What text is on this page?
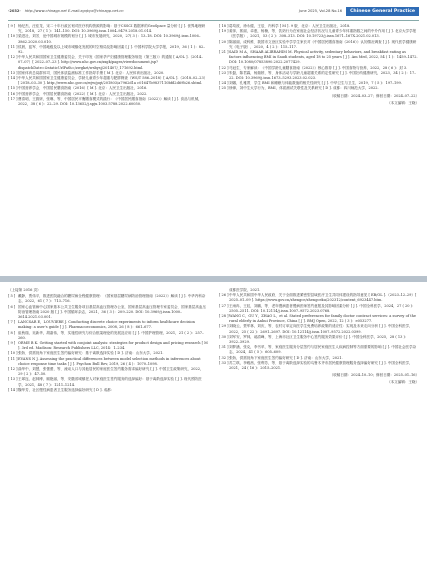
·2032· http://www.chinagp.net E-mail:zgqkyx@chinagp.net.cn	June 2025, Vol.28 No.16	Chinese General Practice
[ 9 ] 杨纪杰，汪佳龙，宋二十年行政区划对医疗机构资源的影响：基于CSSCI 数据库的GeoSpace 量分析 [ J ]. 世界地理研究，2018，27 ( 1 )：141–150. DOI: 10.3969/j.issn.1004–9479.2018.01.014.
[ 10 ] 梁进社，刘芳．论中国城市规模的划分 [ J ]. 城市发展研究，2020，27( 3 )：13–18. DOI: 10.3969/j.issn.1006–3862.2020.03.010.
[ 11 ] 侯晨，蓝军．中国地级及以上城市城镇化发展的时空格局及影响因素 [ J ]. 中国科学院大学学报，2019，36 ( 1 )：82–92.
[ 12 ] 中华人民共和国国家卫生健康委员会．关于印发《国家孕产妇健康管理服务规范（第三版）》的通知 [ A/OL ].（2014–07–07）[ 2022–07–23 ]. http://www.nhc.gov.cn/xxgk/pages/viewdocument.jsp?dispatchDate=&staticUrlPath=/zwgkzt/wsbysj/201407/_171692.html.
[ 13 ] 国家体育总局群体司．国民体质监测标准工作指导手册 [ M ]. 北京：人民体育出版社，2020.
[ 14 ] 中华人民共和国国家卫生健康委员会．学龄儿童青少年超重与肥胖筛查（WS/T 586–2018）[ A/OL ].（2018–02–23）[ 2018–03–30 ]. http://www.nhc.gov.cn/wjw/pqt/201803/a7962d1a c01647b9837110bfd2d69b26.shtml.
[ 15 ] 中国营养学会．中国居民膳食指南（2016）[ M ]. 北京：人民卫生出版社，2016.
[ 16 ] 中国营养学会．中国居民膳食指南（2022）[ M ]. 北京：人民卫生出版社，2022.
[ 17 ] 曹清明，王蔚妍，张琳，等．中国居民平衡膳食模式的践行：《中国居民膳食指南（2022）》解读 [ J ]. 食品与机械，2022，38 ( 6 )：22–29. DOI: 10.13652/j.spjx.1003.5788.2022.60050.
[ 18 ] 葛均波，徐永健，王辰．内科学 [ M ]. 9 版．北京：人民卫生出版社，2018.
[ 19 ] 姜萍，郭丽，卓惠，杨楠，等．饮奶行为在家庭社会经济状况与儿童青少年体重指数之间的中介作用 [ J ]. 北京大学学报（医学版），2021，53 ( 2 )：308–313. DOI: 10.19723/j.issn.1671–167X.2021.02.013.
[ 20 ] 陈丽丽，成科维．我国市文登区实验中学学生家长对《中国居民膳食指南（2016）》认知情况调查 [ J ]. 现代医学健康研究（电子版），2020，4 ( 2 )：115–117.
[ 21 ] SAID M A，SHAAB ALIBRAHIM M. Physical activity, sedentary behaviors, and breakfast eating as factors influencing BMI in Saudi students, aged 18 to 25 years [ J ]. Am Med, 2022, 54 ( 1 )：1459–1472. DOI: 10.1080/07853890.2022.2077429.
[ 22 ] 马冠生．专家解读：《中国学龄儿童膳食指南（2022）》核心推荐 [ J ]. 中国食物与营养，2022，28 ( 6 )：封 3.
[ 23 ] 朱磊，陈君霖，杨瑞婷，等．身体活动与学龄儿童超重关系的定性研究 [ J ]. 中国妇幼健康研究，2023，34 ( 2 )：17–22. DOI: 10.3969/j.issn.1673–5293.2023.02.023.
[ 24 ] 刘娜，孔雅菁．学生 BMI 和睡眠与体能数值的相关性研究 [ J ]. 中华卫生与卫生，2019，7 ( 5 )：197–199.
[ 25 ] 徐律，刘中生大学行为，BMI，体质测试关联性及关系研究 [ D ]. 成都：四川师范大学，2022.
（收稿日期：2024–03–27；修回日期：2024–07–22）
（本文编辑：王晓）
（上接第 2016 页）
[ 5 ] 戴静，贾伟平，推进医院融合的糖尿病全程健康管理：《国家基层糖尿病防治管理指南（2022）》解读 [ J ]. 中华内科杂志，2022，61 ( 7 )：713–716.
[ 6 ] 国家心血管病中心国家基本公共卫生服务项目基层高血压管理办公室，国家基层高血压管理专家委员会．国家基层高血压防治管理指南 2020 版 [ J ]. 中国循环杂志，2021，36 ( 3 )：209–220. DOI: 10.3969/j.issn.1000–3614.2021.03.001.
[ 7 ] LANCSAR E，LOUVIERE J. Conducting discrete choice experiments to inform healthcare decision making: a user's guide [ J ]. Pharmacoeconomics, 2008, 26 ( 8 )：661–677.
[ 8 ] 崔秋瑞，吴新华，胡嘉伟，等．实施性研究与综合框架理论的发展及应用 [ J ]. 中国护理管理，2021，21 ( 2 )：257–260.
[ 9 ] ORME B K. Getting started with conjoint analysis: strategies for product design and pricing research [ M ]. 3rd ed. Madison: Research Publishers LLC, 2014：1–234.
[ 10 ] 张娇．供需视角下家庭医生签约偏好研究：基于离散选择实验 [ D ]. 济南：山东大学，2021.
[ 11 ] EVANS N J. Assessing the practical differences between model selection methods in inferences about choice response time tasks [ J ]. Psychon Bull Rev, 2019, 26 ( 4 )：1070–1098.
[ 12 ] 曲华中，刘慧，张蕾蕾，等．流动人口与其他居民的家庭医生签约服务需求偏好研究 [ J ]. 中国卫生政策研究，2022，29 ( 2 )：47–50.
[ 13 ] 王翠连，赵林博，顾艳丽，等．安徽省城镇老人对家庭医生签约服务的选择偏好：基于离散选择实验 [ J ]. 现代预防医学，2021，48 ( 7 )：1211–1214.
[ 14 ] 魏华芳，社区慢性病患者卫生服务选择偏好研究 [ D ]. 成都：
成都医学院，2021.
[ 26 ] 中华人民共和国中华人民政府．关于全面推进紧密型县域医疗卫生共同体建设的指导意见 [ EB/OL ].（2023–12–29）[ 2025–01–09 ]. https://www.gov.cn/zhengce/zhengceku/202312/content_6923447.htm.
[ 27 ] 王雨冉，王虹，刘鹏，等．老年慢病患者慢病医师签约意愿及其影响因素分析 [ J ]. 中国全科医学，2024，27 ( 20 )：2505–2511. DOI: 10.12114/j.issn.1007–9572.2023.0768.
[ 28 ] WANG C，GU Y，ZHAO L，et al. Stated preferences for family doctor contract services: a survey of the rural elderly in Anhui Province, China [ J ]. BMJ Open, 2022, 12 ( 3 )：e053277.
[ 29 ] 刘晓云，贾军林，刘庆，等．农村订单定向医学生免费培养政策的适应性：实现及未来走向分析 [ J ]. 中国全科医学，2022，25 ( 22 )：2691–2697. DOI: 10.12114/j.issn.1007–9572.2022.0399.
[ 30 ] 刘军安，罗林，郝清峰，等．上海市社区卫生服务中心签约服务效果评价 [ J ]. 中国全科医学，2025，28 ( 13 )：3922–3929.
[ 31 ] 刘梦涵，张克，李书苹，等．家庭医生服务分层签约与居民家庭医生人疾病控制等方面需要的影响 [ J ]. 中国社会医学杂志，2024，41 ( 5 )：605–609.
[ 32 ] 张娇，供需视角下家庭医生签约偏好研究 [ D ]. 济南：山东大学，2021.
[ 33 ] 苏兰琪，李雅茜，张利芳，等．基于离散选择实验的乌鲁木齐市居民健康管理服务选择偏好研究 [ J ]. 中国全科医学，2021，24 ( 16 )：2015–2021.
（收稿日期：2024–10–10；修回日期：2025–01–16）
（本文编辑：王晓）
